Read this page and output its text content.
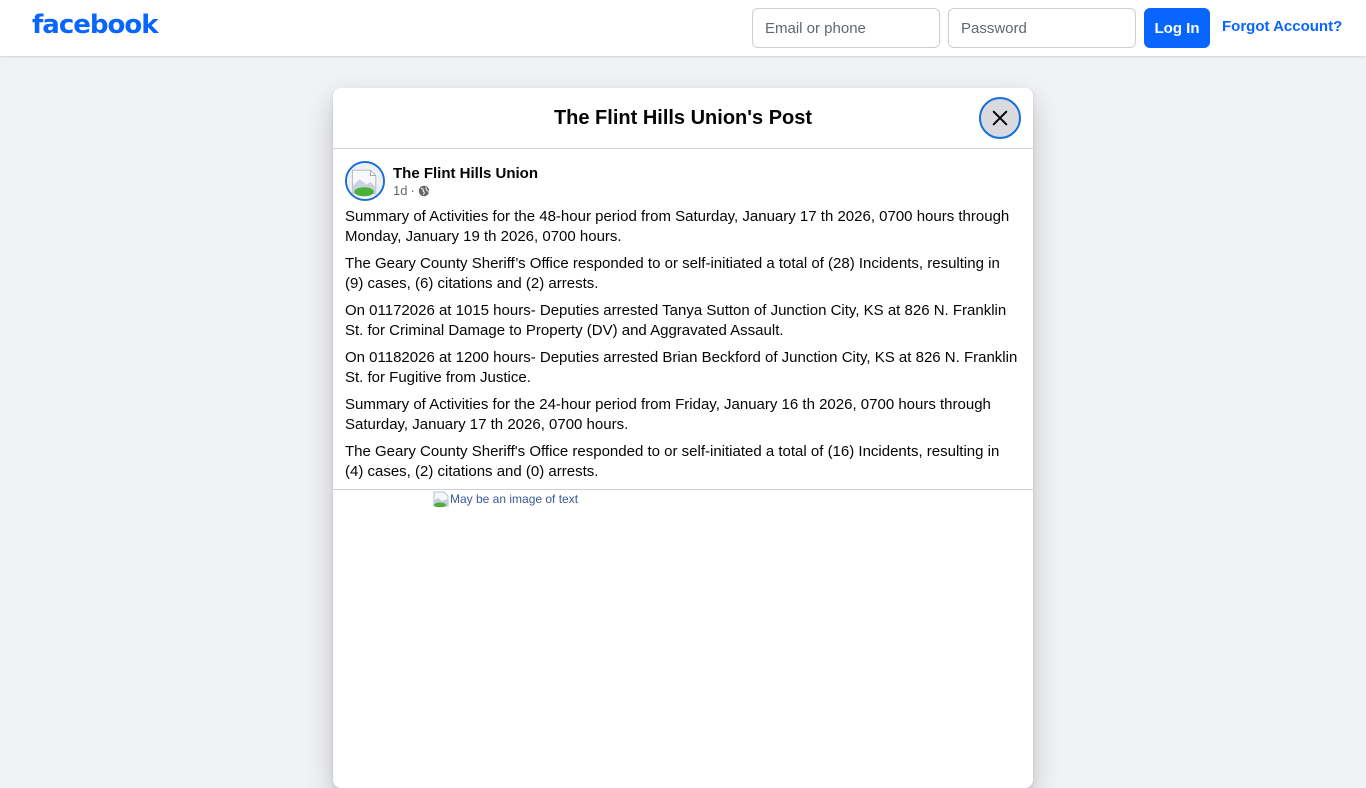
facebook
Email or phone	Log In	Forgot Account?
The Flint Hills Union's Post
The Flint Hills Union
1d ·

Summary of Activities for the 48-hour period from Saturday, January 17 th 2026, 0700 hours through Monday, January 19 th 2026, 0700 hours.

The Geary County Sheriff’s Office responded to or self-initiated a total of (28) Incidents, resulting in (9) cases, (6) citations and (2) arrests.

On 01172026 at 1015 hours- Deputies arrested Tanya Sutton of Junction City, KS at 826 N. Franklin St. for Criminal Damage to Property (DV) and Aggravated Assault.

On 01182026 at 1200 hours- Deputies arrested Brian Beckford of Junction City, KS at 826 N. Franklin St. for Fugitive from Justice.

Summary of Activities for the 24-hour period from Friday, January 16 th 2026, 0700 hours through Saturday, January 17 th 2026, 0700 hours.

The Geary County Sheriff's Office responded to or self-initiated a total of (16) Incidents, resulting in (4) cases, (2) citations and (0) arrests.

May be an image of text
